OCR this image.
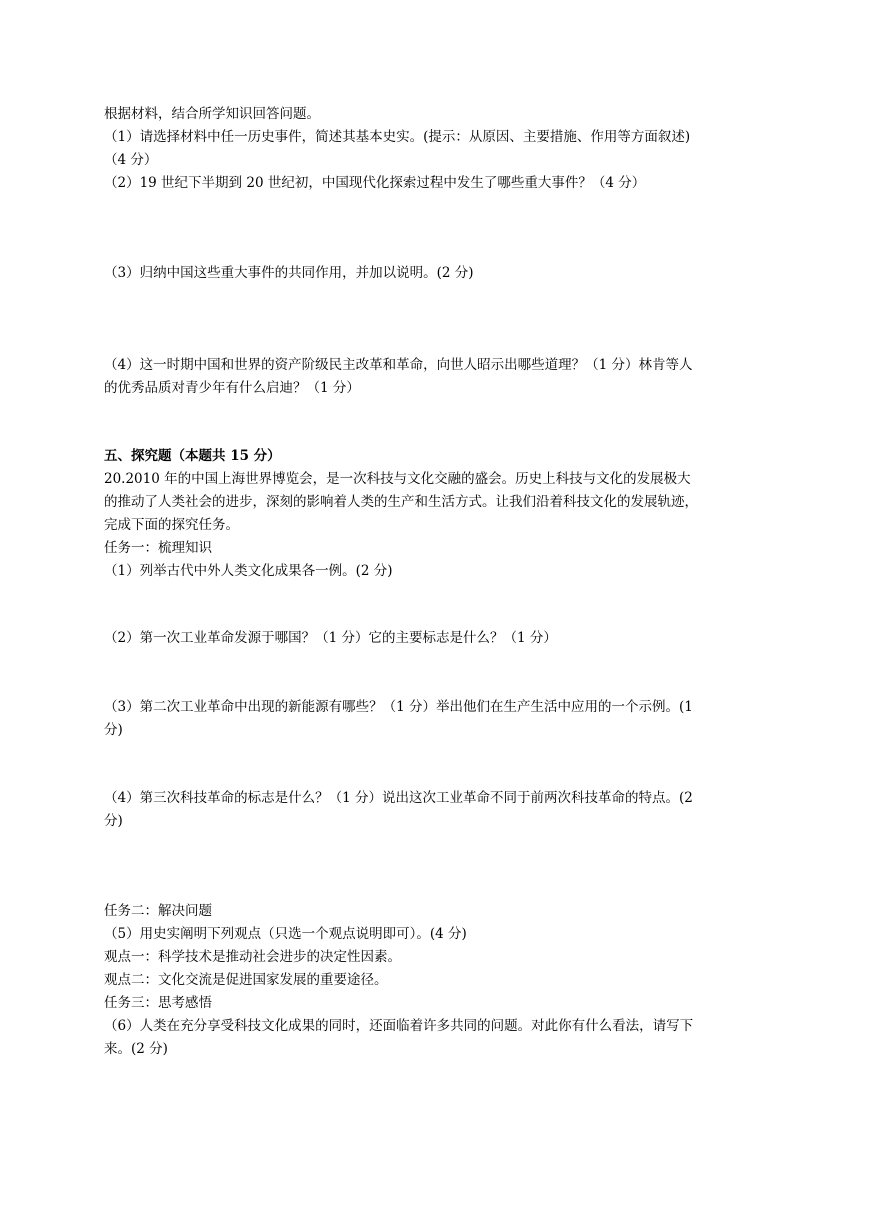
根据材料，结合所学知识回答问题。
（1）请选择材料中任一历史事件，简述其基本史实。(提示：从原因、主要措施、作用等方面叙述)
（4 分）
（2）19 世纪下半期到 20 世纪初，中国现代化探索过程中发生了哪些重大事件？（4 分）
（3）归纳中国这些重大事件的共同作用，并加以说明。(2 分)
（4）这一时期中国和世界的资产阶级民主改革和革命，向世人昭示出哪些道理？（1 分）林肯等人
的优秀品质对青少年有什么启迪？（1 分）
五、探究题（本题共 15 分）
20.2010 年的中国上海世界博览会，是一次科技与文化交融的盛会。历史上科技与文化的发展极大
的推动了人类社会的进步，深刻的影响着人类的生产和生活方式。让我们沿着科技文化的发展轨迹，
完成下面的探究任务。
任务一：梳理知识
（1）列举古代中外人类文化成果各一例。(2 分)
（2）第一次工业革命发源于哪国？（1 分）它的主要标志是什么？（1 分）
（3）第二次工业革命中出现的新能源有哪些？（1 分）举出他们在生产生活中应用的一个示例。(1
分)
（4）第三次科技革命的标志是什么？（1 分）说出这次工业革命不同于前两次科技革命的特点。(2
分)
任务二：解决问题
（5）用史实阐明下列观点（只选一个观点说明即可）。(4 分)
观点一：科学技术是推动社会进步的决定性因素。
观点二：文化交流是促进国家发展的重要途径。
任务三：思考感悟
（6）人类在充分享受科技文化成果的同时，还面临着许多共同的问题。对此你有什么看法，请写下
来。(2 分)
